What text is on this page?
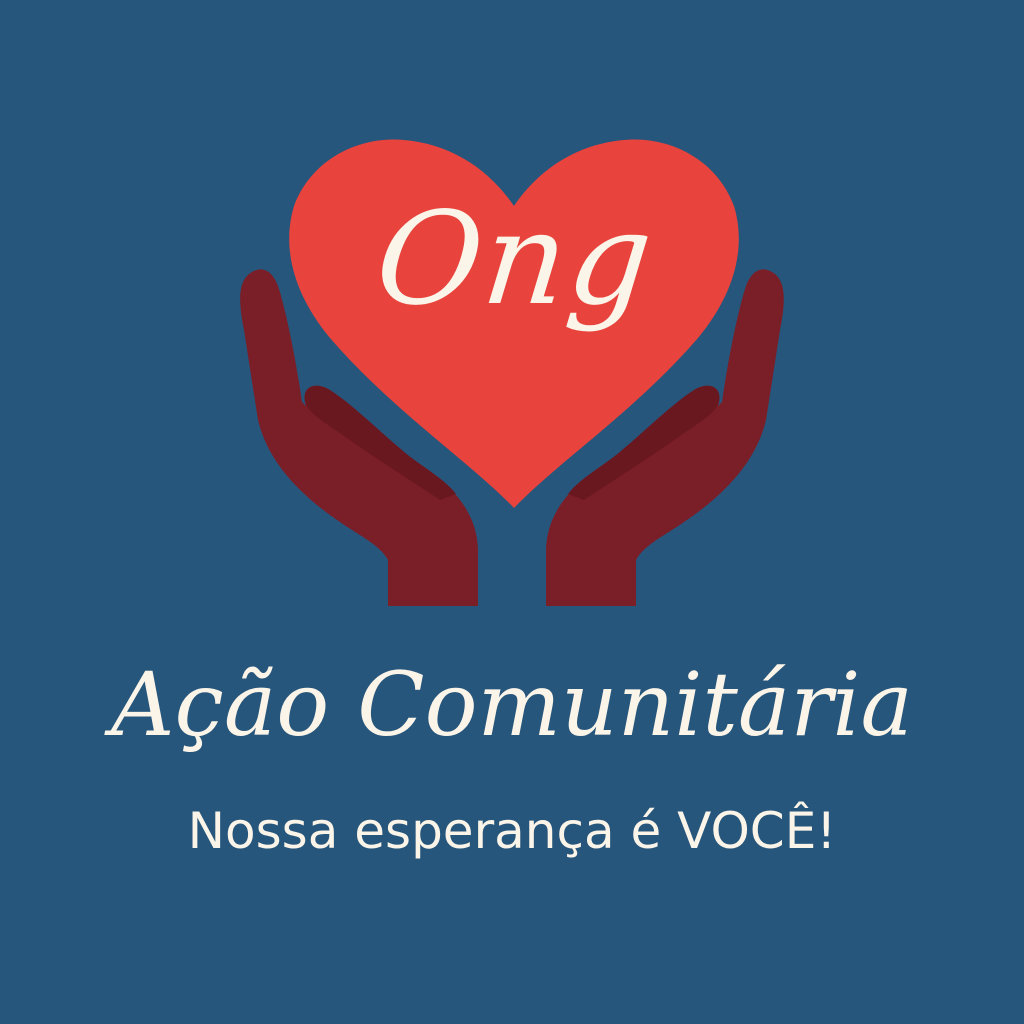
Ong
Ação Comunitária
Nossa esperança é VOCÊ!
